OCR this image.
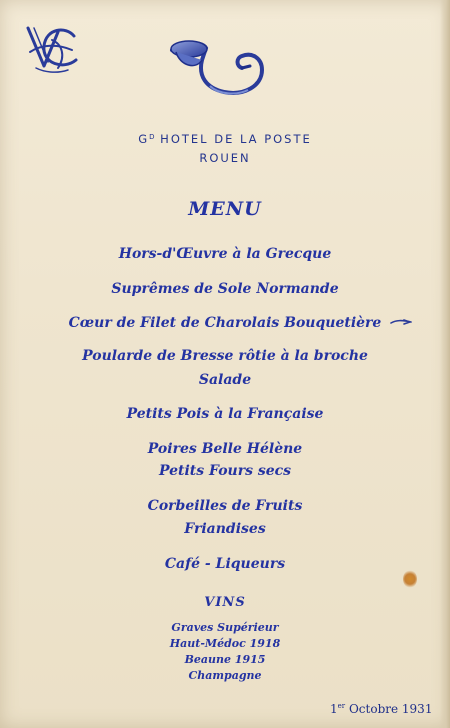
$G^D$ HOTEL DE LA POSTE
ROUEN
MENU
Hors-d'Œuvre à la Grecque
Suprêmes de Sole Normande
Cœur de Filet de Charolais Bouquetière
Poularde de Bresse rôtie à la broche
Salade
Petits Pois à la Française
Poires Belle Hélène
Petits Fours secs
Corbeilles de Fruits
Friandises
Café - Liqueurs
VINS
Graves Supérieur
Haut-Médoc 1918
Beaune 1915
Champagne
1er Octobre 1931
